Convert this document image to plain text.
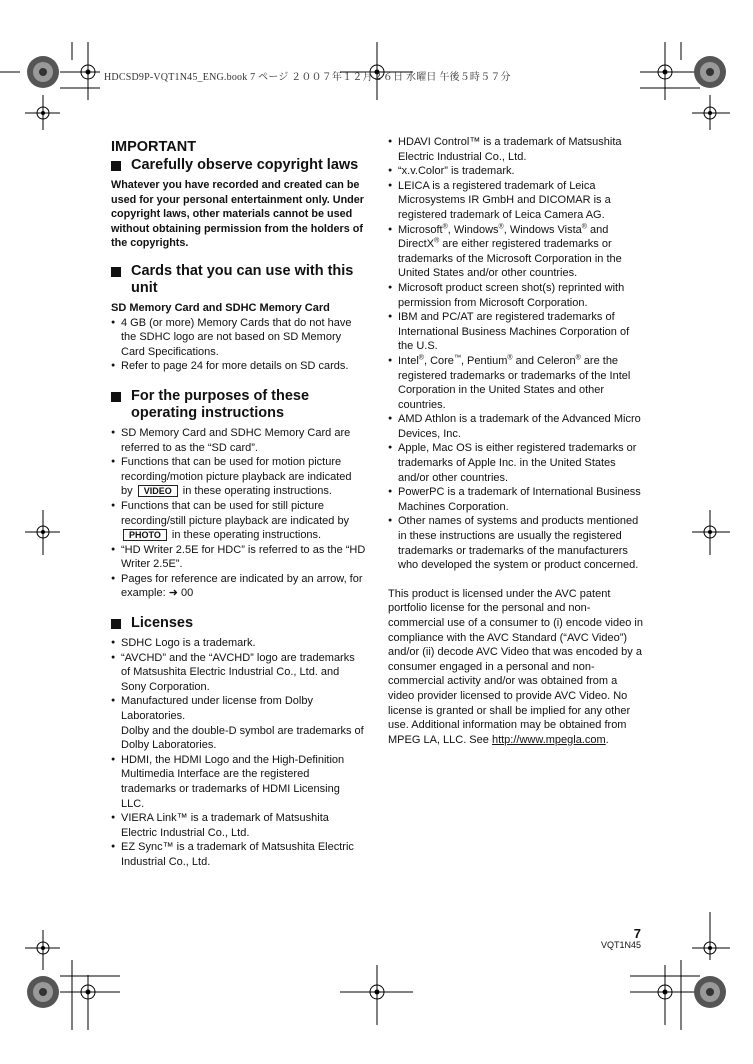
HDCSD9P-VQT1N45_ENG.book 7 ページ ２００７年１２月２６日 水曜日 午後５時５７分
IMPORTANT
Carefully observe copyright laws

Whatever you have recorded and created can be used for your personal entertainment only. Under copyright laws, other materials cannot be used without obtaining permission from the holders of the copyrights.

Cards that you can use with this unit

SD Memory Card and SDHC Memory Card

● 4 GB (or more) Memory Cards that do not have the SDHC logo are not based on SD Memory Card Specifications.
● Refer to page 24 for more details on SD cards.
For the purposes of these operating instructions
● SD Memory Card and SDHC Memory Card are referred to as the “SD card”.
● Functions that can be used for motion picture recording/motion picture playback are indicated by VIDEO in these operating instructions.
● Functions that can be used for still picture recording/still picture playback are indicated by PHOTO in these operating instructions.
● “HD Writer 2.5E for HDC” is referred to as the “HD Writer 2.5E”.
● Pages for reference are indicated by an arrow, for example: ➜ 00
Licenses
● SDHC Logo is a trademark.
● “AVCHD” and the “AVCHD” logo are trademarks of Matsushita Electric Industrial Co., Ltd. and Sony Corporation.
● Manufactured under license from Dolby Laboratories.
Dolby and the double-D symbol are trademarks of Dolby Laboratories.
● HDMI, the HDMI Logo and the High-Definition Multimedia Interface are the registered trademarks or trademarks of HDMI Licensing LLC.
● VIERA Link™ is a trademark of Matsushita Electric Industrial Co., Ltd.
● EZ Sync™ is a trademark of Matsushita Electric Industrial Co., Ltd.
● HDAVI Control™ is a trademark of Matsushita Electric Industrial Co., Ltd.
● “x.v.Color” is trademark.
● LEICA is a registered trademark of Leica Microsystems IR GmbH and DICOMAR is a registered trademark of Leica Camera AG.
● Microsoft®, Windows®, Windows Vista® and DirectX® are either registered trademarks or trademarks of the Microsoft Corporation in the United States and/or other countries.
● Microsoft product screen shot(s) reprinted with permission from Microsoft Corporation.
● IBM and PC/AT are registered trademarks of International Business Machines Corporation of the U.S.
● Intel®, Core™, Pentium® and Celeron® are the registered trademarks or trademarks of the Intel Corporation in the United States and other countries.
● AMD Athlon is a trademark of the Advanced Micro Devices, Inc.
● Apple, Mac OS is either registered trademarks or trademarks of Apple Inc. in the United States and/or other countries.
● PowerPC is a trademark of International Business Machines Corporation.
● Other names of systems and products mentioned in these instructions are usually the registered trademarks or trademarks of the manufacturers who developed the system or product concerned.

This product is licensed under the AVC patent portfolio license for the personal and non-commercial use of a consumer to (i) encode video in compliance with the AVC Standard (“AVC Video”) and/or (ii) decode AVC Video that was encoded by a consumer engaged in a personal and non-commercial activity and/or was obtained from a video provider licensed to provide AVC Video. No license is granted or shall be implied for any other use. Additional information may be obtained from MPEG LA, LLC. See http://www.mpegla.com.

7
VQT1N45
